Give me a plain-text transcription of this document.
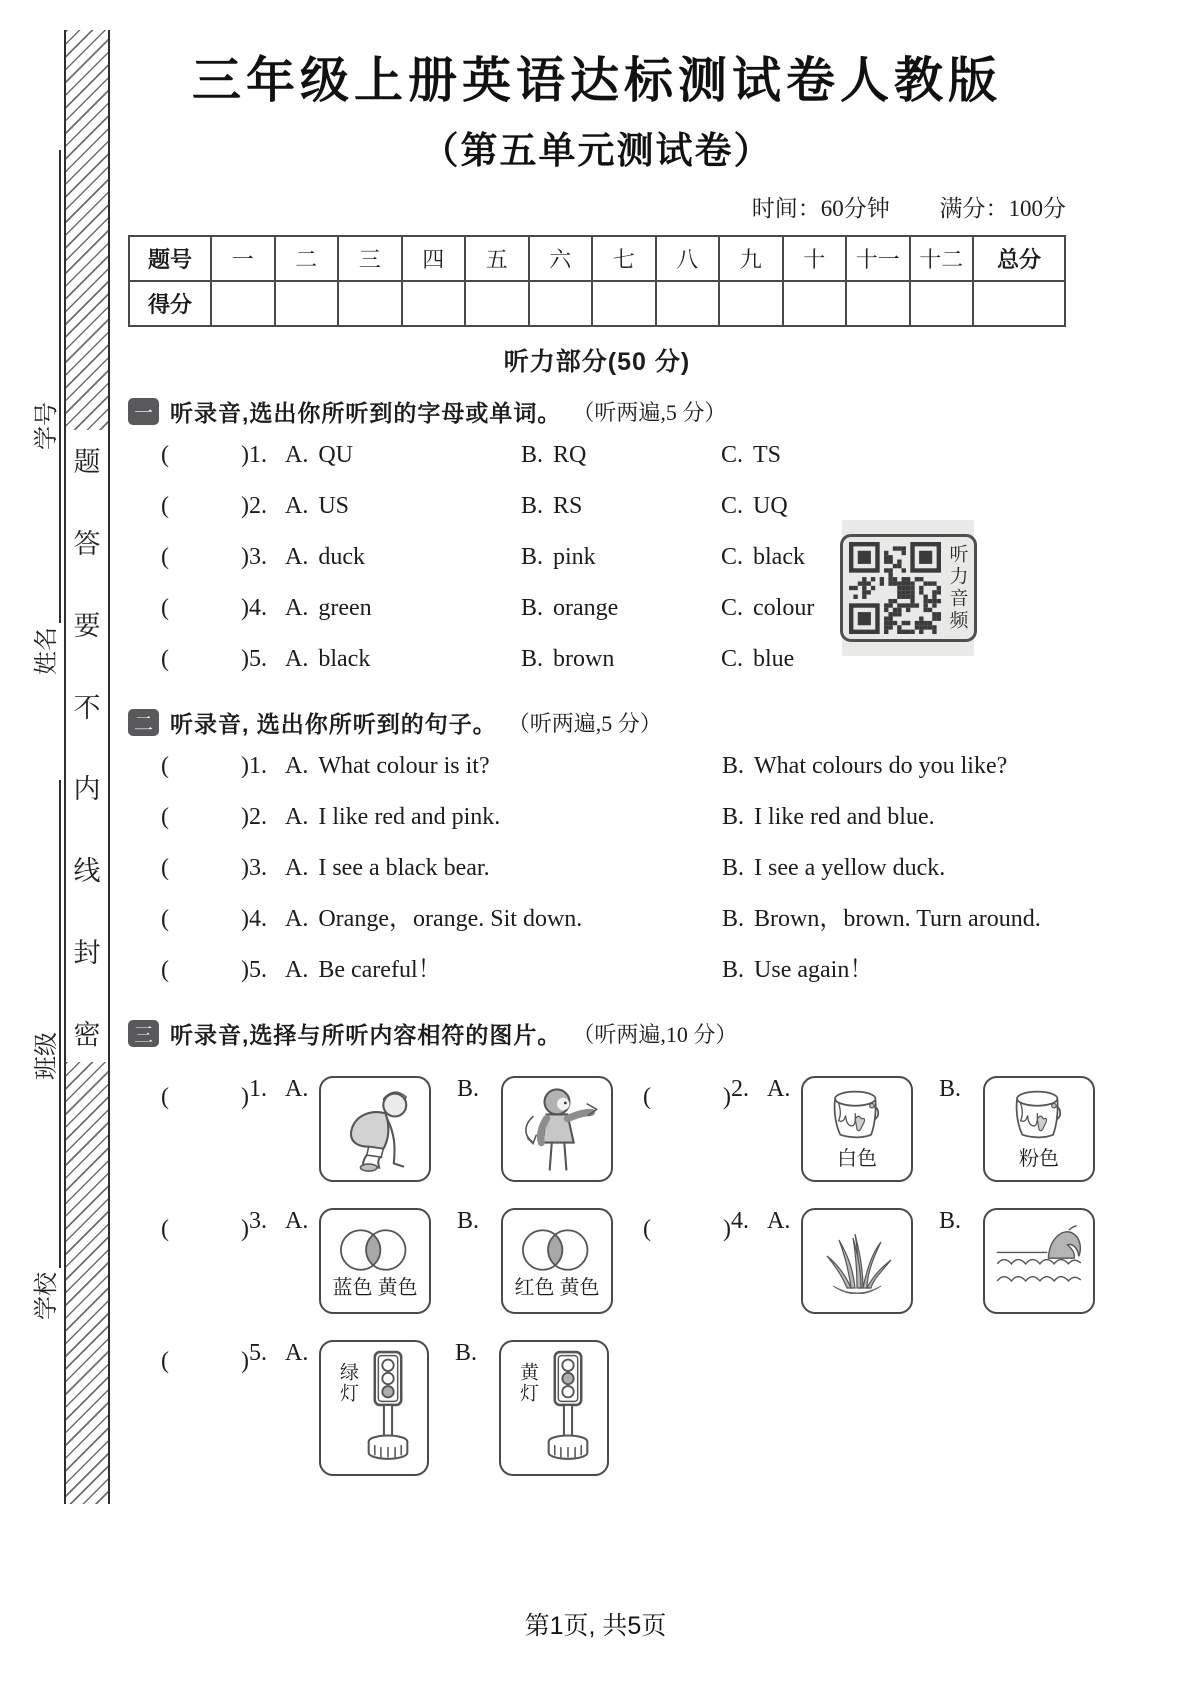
学号
姓名
班级
学校
题
答
要
不
内
线
封
密
三年级上册英语达标测试卷人教版
（第五单元测试卷）
时间：60分钟 满分：100分
题号	一	二	三	四	五	六	七	八	九	十	十一	十二	总分
得分													
听力部分(50 分)
一 听录音,选出你所听到的字母或单词。 （听两遍,5 分）
(　　　) 1. A. QU	B. RQ	C. TS
(　　　) 2. A. US	B. RS	C. UQ
(　　　) 3. A. duck	B. pink	C. black
(　　　) 4. A. green	B. orange	C. colour
(　　　) 5. A. black	B. brown	C. blue
二 听录音, 选出你所听到的句子。 （听两遍,5 分）
(　　　) 1. A. What colour is it?	B. What colours do you like?
(　　　) 2. A. I like red and pink.	B. I like red and blue.
(　　　) 3. A. I see a black bear.	B. I see a yellow duck.
(　　　) 4. A. Orange，orange. Sit down.	B. Brown，brown. Turn around.
(　　　) 5. A. Be careful！	B. Use again！
三 听录音,选择与所听内容相符的图片。 （听两遍,10 分）
(　　　) 1. A.	B.	(　　　) 2. A.
白色
B.
粉色
(　　　) 3. A.
蓝色 黄色
B.
红色 黄色
(　　　) 4. A.	B.
(　　　) 5. A.
绿灯
B.
黄灯
听力音频
第1页, 共5页
